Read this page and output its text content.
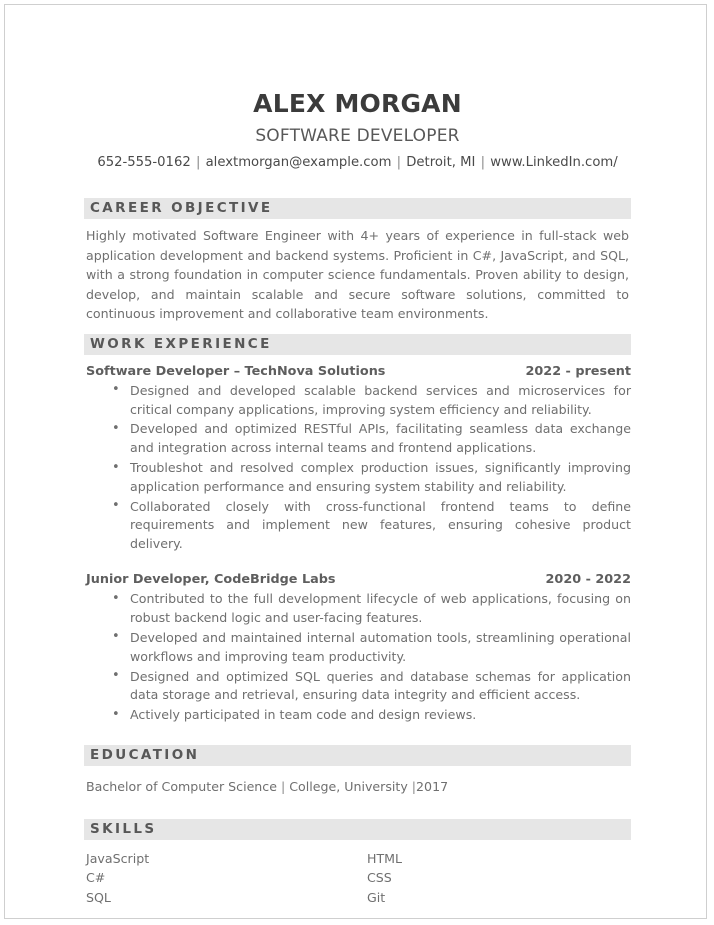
ALEX MORGAN
SOFTWARE DEVELOPER
652-555-0162 | alextmorgan@example.com | Detroit, MI | www.LinkedIn.com/
CAREER OBJECTIVE
Highly motivated Software Engineer with 4+ years of experience in full-stack web application development and backend systems. Proficient in C#, JavaScript, and SQL, with a strong foundation in computer science fundamentals. Proven ability to design, develop, and maintain scalable and secure software solutions, committed to continuous improvement and collaborative team environments.
WORK EXPERIENCE
Software Developer – TechNova Solutions	2022 - present
• Designed and developed scalable backend services and microservices for critical company applications, improving system efficiency and reliability.
• Developed and optimized RESTful APIs, facilitating seamless data exchange and integration across internal teams and frontend applications.
• Troubleshot and resolved complex production issues, significantly improving application performance and ensuring system stability and reliability.
• Collaborated closely with cross-functional frontend teams to define requirements and implement new features, ensuring cohesive product delivery.
Junior Developer, CodeBridge Labs	2020 - 2022
• Contributed to the full development lifecycle of web applications, focusing on robust backend logic and user-facing features.
• Developed and maintained internal automation tools, streamlining operational workflows and improving team productivity.
• Designed and optimized SQL queries and database schemas for application data storage and retrieval, ensuring data integrity and efficient access.
• Actively participated in team code and design reviews.
EDUCATION
Bachelor of Computer Science | College, University |2017
SKILLS
JavaScript	HTML
C#	CSS
SQL	Git
